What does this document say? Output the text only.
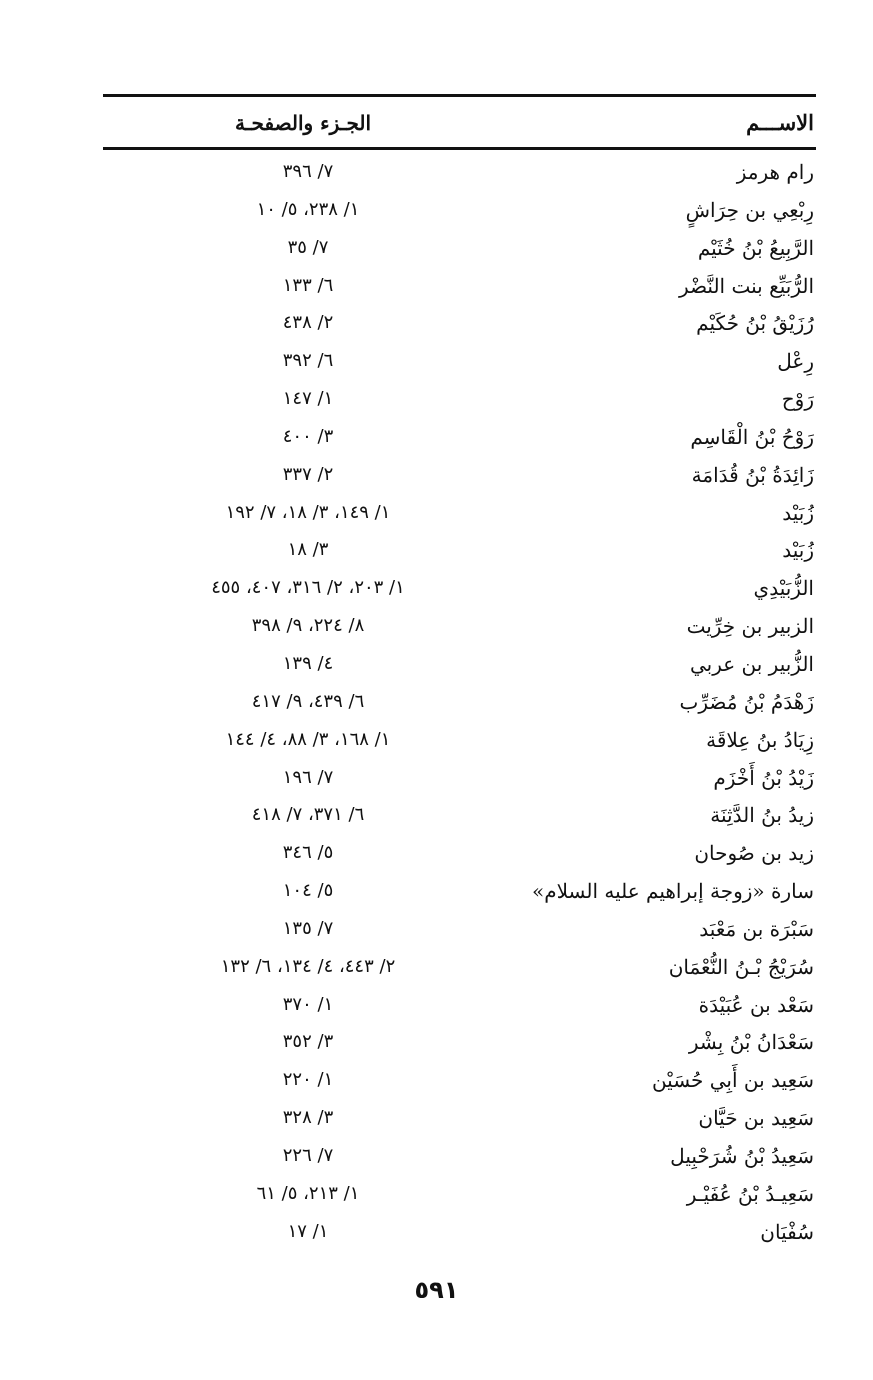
الاســـم
الجـزء والصفحـة
رام هرمز
٧/ ٣٩٦
رِبْعِي بن حِرَاشٍ
١/ ٢٣٨، ٥/ ١٠
الرَّبِيعُ بْنُ خُثَيْم
٧/ ٣٥
الرُّبَيِّع بنت النَّضْر
٦/ ١٣٣
رُزَيْقُ بْنُ حُكَيْم
٢/ ٤٣٨
رِعْل
٦/ ٣٩٢
رَوْح
١/ ١٤٧
رَوْحُ بْنُ الْقَاسِم
٣/ ٤٠٠
زَائِدَةُ بْنُ قُدَامَة
٢/ ٣٣٧
زُبَيْد
١/ ١٤٩، ٣/ ١٨، ٧/ ١٩٢
زُبَيْد
٣/ ١٨
الزُّبَيْدِي
١/ ٢٠٣، ٢/ ٣١٦، ٤٠٧، ٤٥٥
الزبير بن خِرِّيت
٨/ ٢٢٤، ٩/ ٣٩٨
الزُّبير بن عربي
٤/ ١٣٩
زَهْدَمُ بْنُ مُضَرِّب
٦/ ٤٣٩، ٩/ ٤١٧
زِيَادُ بنُ عِلاقَة
١/ ١٦٨، ٣/ ٨٨، ٤/ ١٤٤
زَيْدُ بْنُ أَخْزَم
٧/ ١٩٦
زيدُ بنُ الدَّثِنَة
٦/ ٣٧١، ٧/ ٤١٨
زيد بن صُوحان
٥/ ٣٤٦
سارة «زوجة إبراهيم عليه السلام»
٥/ ١٠٤
سَبْرَة بن مَعْبَد
٧/ ١٣٥
سُرَيْجُ بْـنُ النُّعْمَان
٢/ ٤٤٣، ٤/ ١٣٤، ٦/ ١٣٢
سَعْد بن عُبَيْدَة
١/ ٣٧٠
سَعْدَانُ بْنُ بِشْر
٣/ ٣٥٢
سَعِيد بن أَبِي حُسَيْن
١/ ٢٢٠
سَعِيد بن حَيَّان
٣/ ٣٢٨
سَعِيدُ بْنُ شُرَحْبِيل
٧/ ٢٢٦
سَعِيـدُ بْنُ عُفَيْـر
١/ ٢١٣، ٥/ ٦١
سُفْيَان
١/ ١٧
٥٩١
